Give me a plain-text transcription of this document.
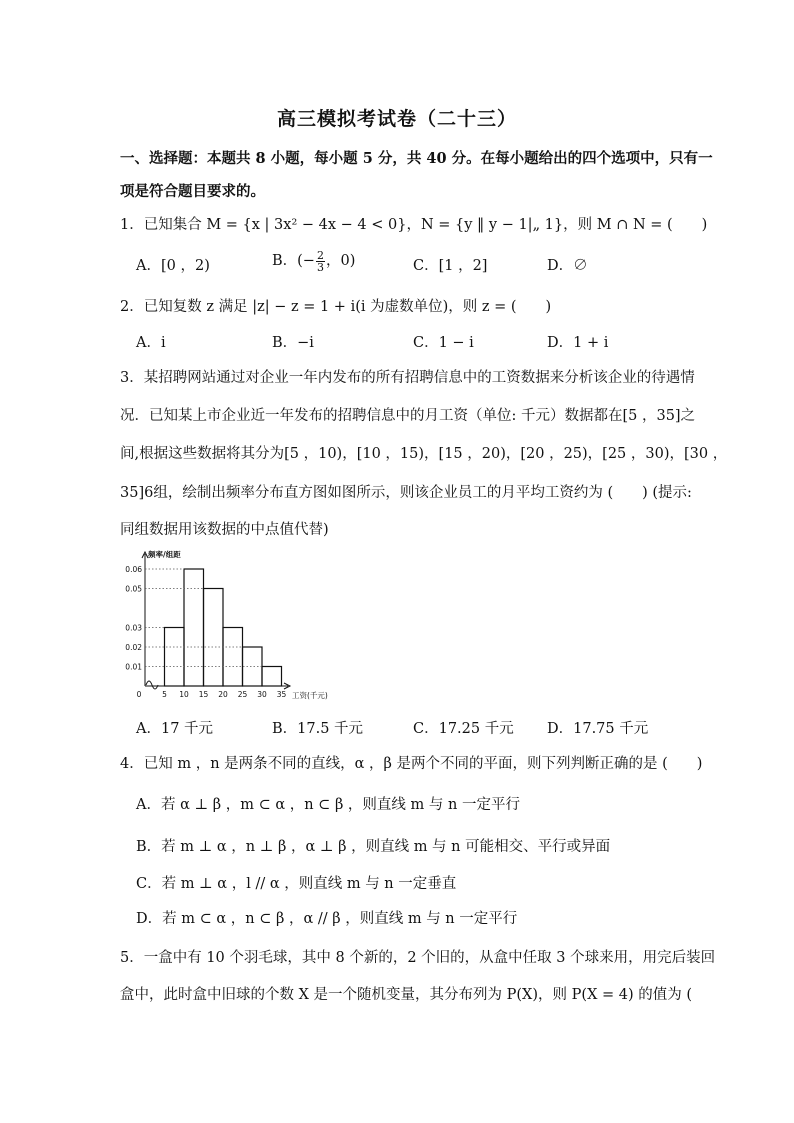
高三模拟考试卷（二十三）
一、选择题：本题共 8 小题，每小题 5 分，共 40 分。在每小题给出的四个选项中，只有一
项是符合题目要求的。
1．已知集合 M = {x | 3x² − 4x − 4 < 0}，N = {y ‖ y − 1|„ 1}，则 M ∩ N = (　　)
A．[0 ，2)	B．(− $\frac{2}{3}$ ，0)	C．[1 ，2]	D．∅
2．已知复数 z 满足 |z| − z = 1 + i(i 为虚数单位)，则 z = (　　)
A．i	B．−i	C．1 − i	D．1 + i
3．某招聘网站通过对企业一年内发布的所有招聘信息中的工资数据来分析该企业的待遇情
况．已知某上市企业近一年发布的招聘信息中的月工资（单位: 千元）数据都在[5 ，35]之
间,根据这些数据将其分为[5 ，10)，[10 ，15)，[15 ，20)，[20 ，25)，[25 ，30)，[30 ，
35]6组，绘制出频率分布直方图如图所示，则该企业员工的月平均工资约为 (　　) (提示:
同组数据用该数据的中点值代替)
0.01
0.02
0.03
0.05
0.06
5 10 15 20 25 30 35
0
频率/组距
工资(千元)
A．17 千元	B．17.5 千元	C．17.25 千元 D．17.75 千元
4．已知 m ，n 是两条不同的直线，α ，β 是两个不同的平面，则下列判断正确的是 (　　)
A．若 α ⊥ β ，m ⊂ α ，n ⊂ β ，则直线 m 与 n 一定平行
B．若 m ⊥ α ，n ⊥ β ，α ⊥ β ，则直线 m 与 n 可能相交、平行或异面
C．若 m ⊥ α ，l // α ，则直线 m 与 n 一定垂直
D．若 m ⊂ α ，n ⊂ β ，α // β ，则直线 m 与 n 一定平行
5．一盒中有 10 个羽毛球，其中 8 个新的，2 个旧的，从盒中任取 3 个球来用，用完后装回
盒中，此时盒中旧球的个数 X 是一个随机变量，其分布列为 P(X)，则 P(X = 4) 的值为 (
